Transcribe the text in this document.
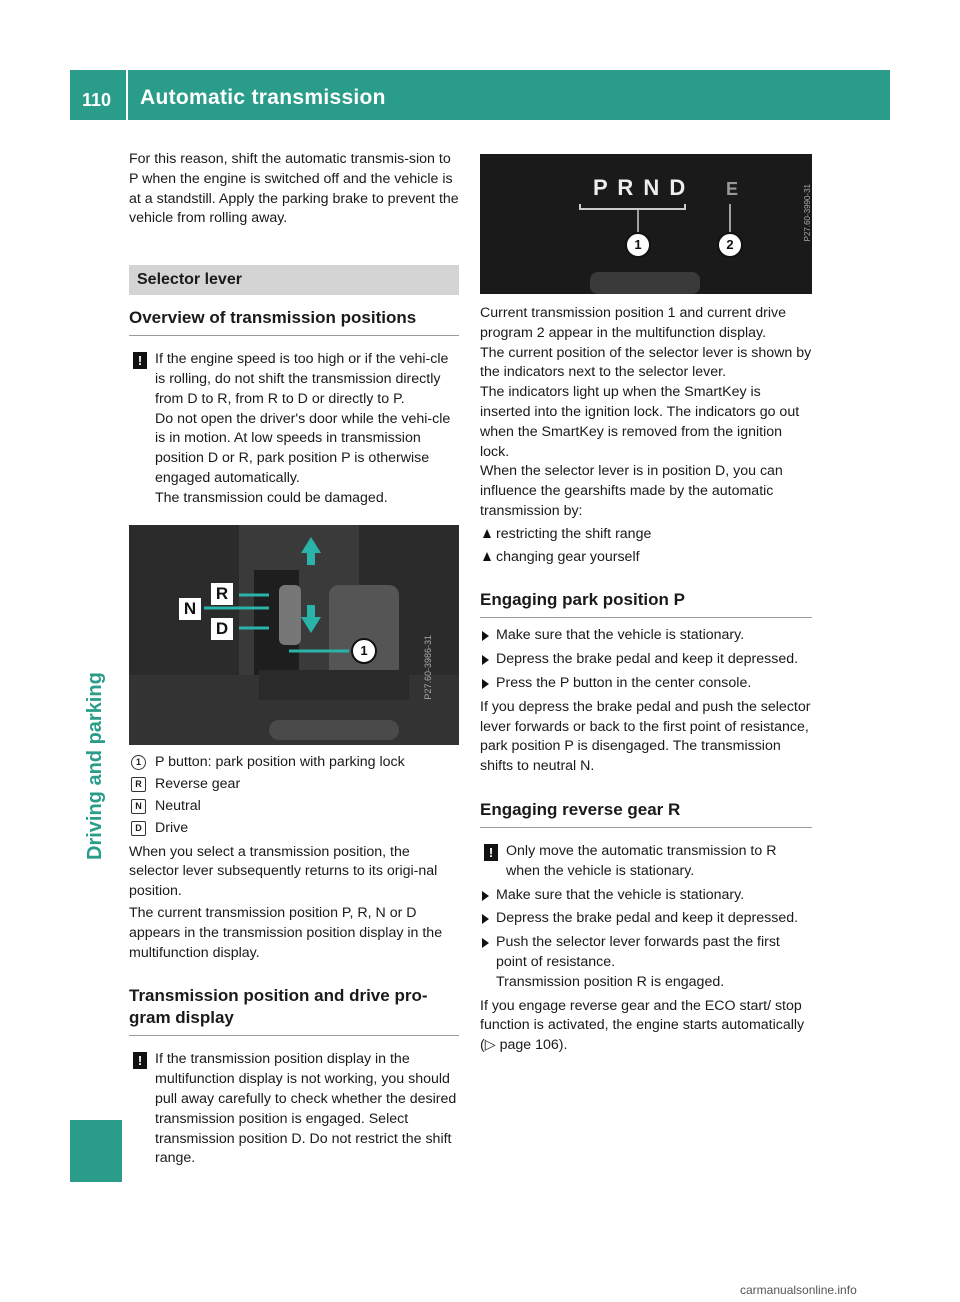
110 Automatic transmission
Driving and parking

For this reason, shift the automatic transmis-sion to P when the engine is switched off and the vehicle is at a standstill. Apply the parking brake to prevent the vehicle from rolling away.

Selector lever
Overview of transmission positions
! If the engine speed is too high or if the vehi-cle is rolling, do not shift the transmission directly from D to R, from R to D or directly to P.

Do not open the driver's door while the vehi-cle is in motion. At low speeds in transmission position D or R, park position P is otherwise engaged automatically.

The transmission could be damaged.

R
N
D
1	P27.60-3986-31
1 P button: park position with parking lock
R Reverse gear
N Neutral
D Drive

When you select a transmission position, the selector lever subsequently returns to its origi-nal position.

The current transmission position P, R, N or D appears in the transmission position display in the multifunction display.

Transmission position and drive pro-gram display
! If the transmission position display in the multifunction display is not working, you should pull away carefully to check whether the desired transmission position is engaged. Select transmission position D. Do not restrict the shift range.

P R N D E
1	2
P27.60-3990-31

Current transmission position 1 and current drive program 2 appear in the multifunction display.

The current position of the selector lever is shown by the indicators next to the selector lever.

The indicators light up when the SmartKey is inserted into the ignition lock. The indicators go out when the SmartKey is removed from the ignition lock.

When the selector lever is in position D, you can influence the gearshifts made by the automatic transmission by:

restricting the shift range
changing gear yourself
Engaging park position P
Make sure that the vehicle is stationary.
Depress the brake pedal and keep it depressed.
Press the P button in the center console.

If you depress the brake pedal and push the selector lever forwards or back to the first point of resistance, park position P is disengaged. The transmission shifts to neutral N.

Engaging reverse gear R
! Only move the automatic transmission to R when the vehicle is stationary.

Make sure that the vehicle is stationary.
Depress the brake pedal and keep it depressed.
Push the selector lever forwards past the first point of resistance.
Transmission position R is engaged.

If you engage reverse gear and the ECO start/ stop function is activated, the engine starts automatically (▷ page 106).

carmanualsonline.info
